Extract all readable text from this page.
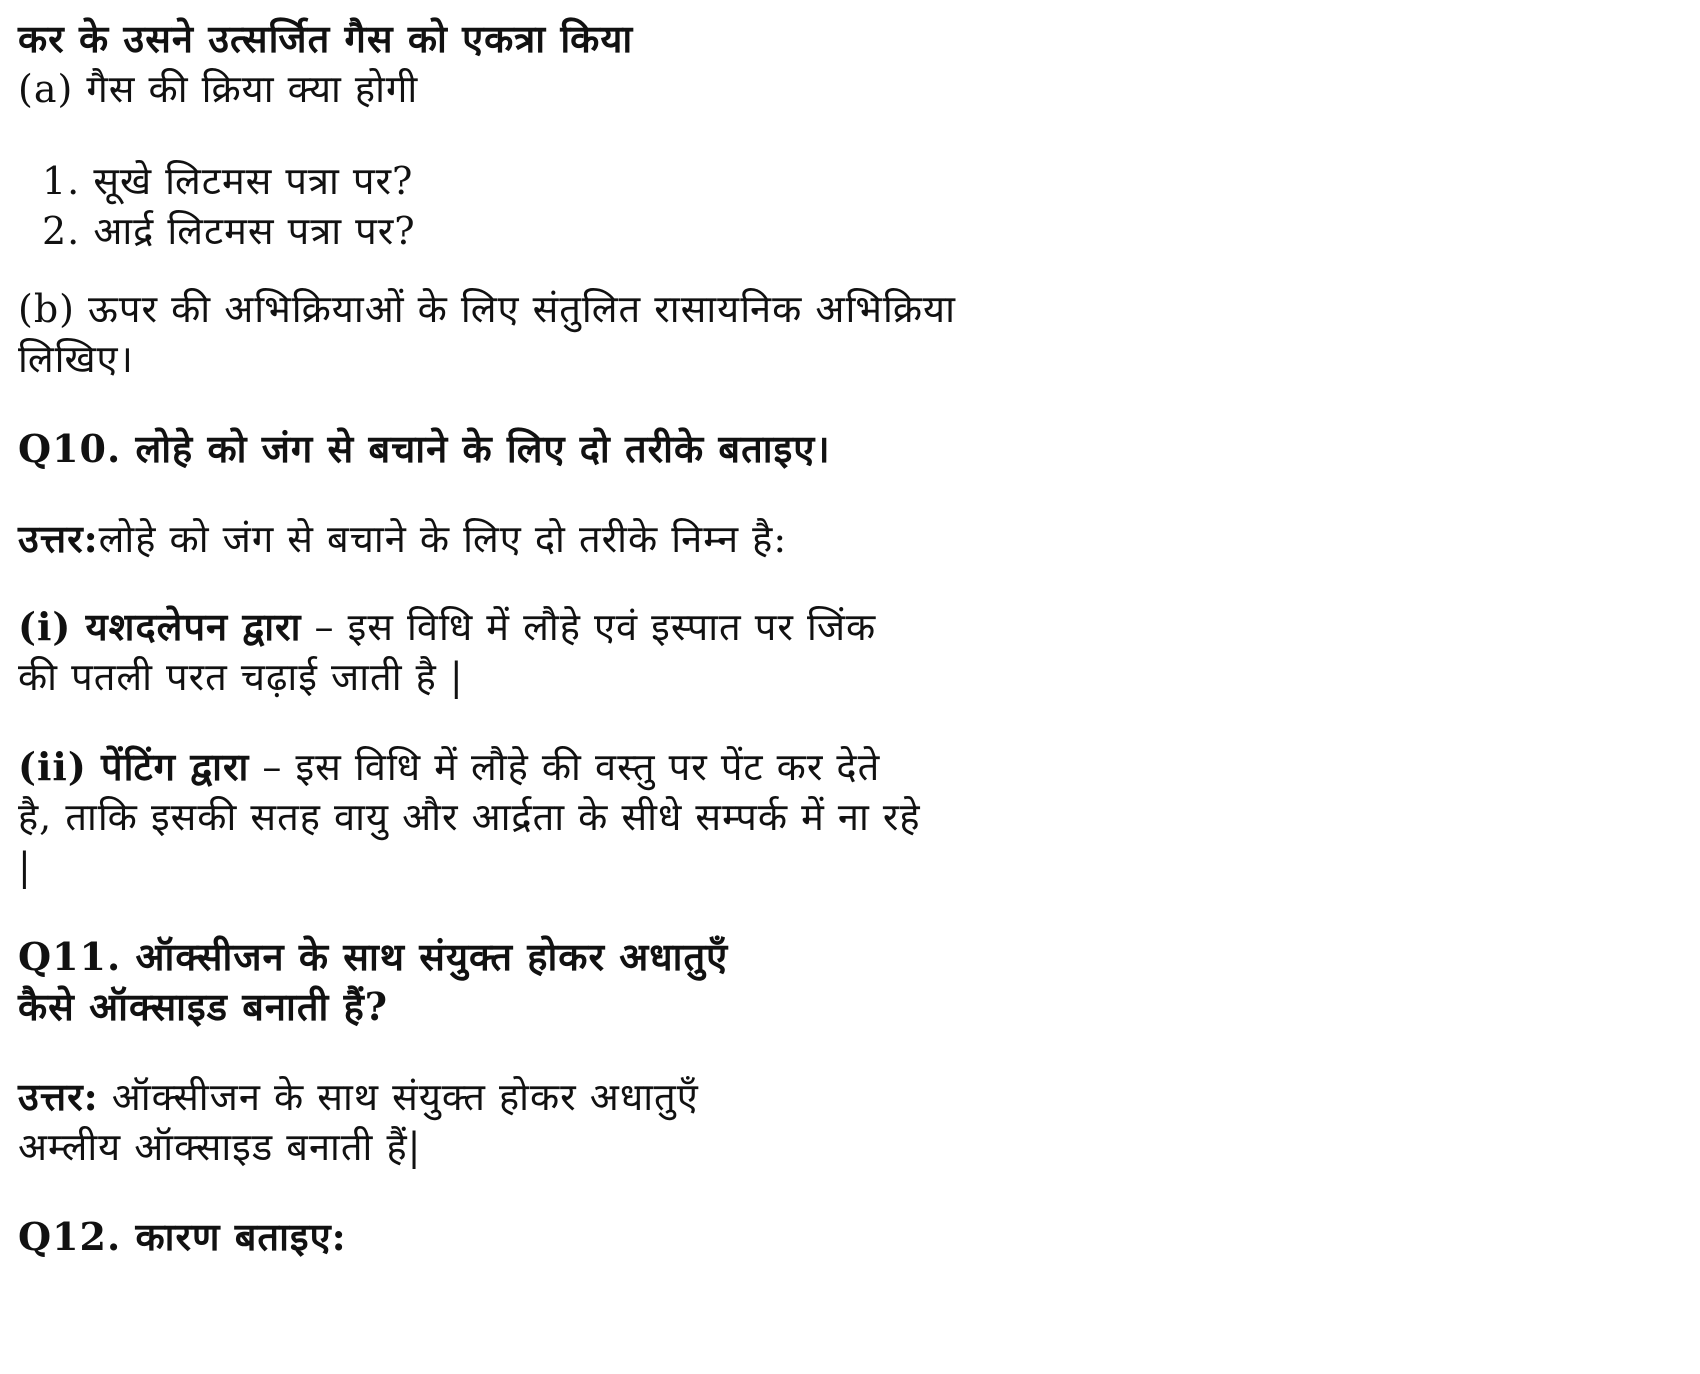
कर के उसने उत्सर्जित गैस को एकत्रा किया
(a) गैस की क्रिया क्या होगी
1. सूखे लिटमस पत्रा पर?
2. आर्द्र लिटमस पत्रा पर?
(b) ऊपर की अभिक्रियाओं के लिए संतुलित रासायनिक अभिक्रिया
लिखिए।
Q10. लोहे को जंग से बचाने के लिए दो तरीके बताइए।
उत्तर:लोहे को जंग से बचाने के लिए दो तरीके निम्न है:
(i) यशदलेपन द्वारा – इस विधि में लौहे एवं इस्पात पर जिंक
की पतली परत चढ़ाई जाती है |
(ii) पेंटिंग द्वारा – इस विधि में लौहे की वस्तु पर पेंट कर देते
है, ताकि इसकी सतह वायु और आर्द्रता के सीधे सम्पर्क में ना रहे
|
Q11. ऑक्सीजन के साथ संयुक्त होकर अधातुएँ
कैसे ऑक्साइड बनाती हैं?
उत्तर: ऑक्सीजन के साथ संयुक्त होकर अधातुएँ
अम्लीय ऑक्साइड बनाती हैं|
Q12. कारण बताइए:
